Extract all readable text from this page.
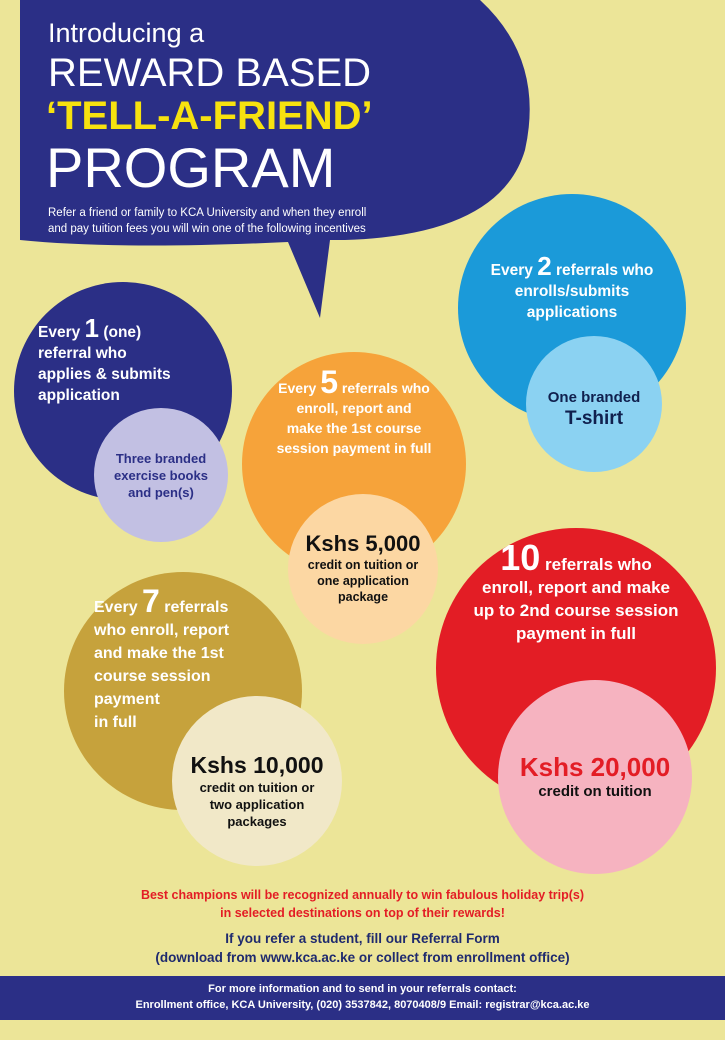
Introducing a
REWARD BASED
‘TELL-A-FRIEND’
PROGRAM
Refer a friend or family to KCA University and when they enroll
and pay tuition fees you will win one of the following incentives
Every 2 referrals who
enrolls/submits
applications
One branded
T-shirt
Every 1 (one)
referral who
applies & submits
application
Three branded
exercise books
and pen(s)
Every 5 referrals who
enroll, report and
make the 1st course
session payment in full
Kshs 5,000
credit on tuition or
one application
package
10 referrals who
enroll, report and make
up to 2nd course session
payment in full
Kshs 20,000
credit on tuition
Every 7 referrals
who enroll, report
and make the 1st
course session
payment
in full
Kshs 10,000
credit on tuition or
two application
packages
Best champions will be recognized annually to win fabulous holiday trip(s)
in selected destinations on top of their rewards!
If you refer a student, fill our Referral Form
(download from www.kca.ac.ke or collect from enrollment office)
For more information and to send in your referrals contact:
Enrollment office, KCA University, (020) 3537842, 8070408/9 Email: registrar@kca.ac.ke
